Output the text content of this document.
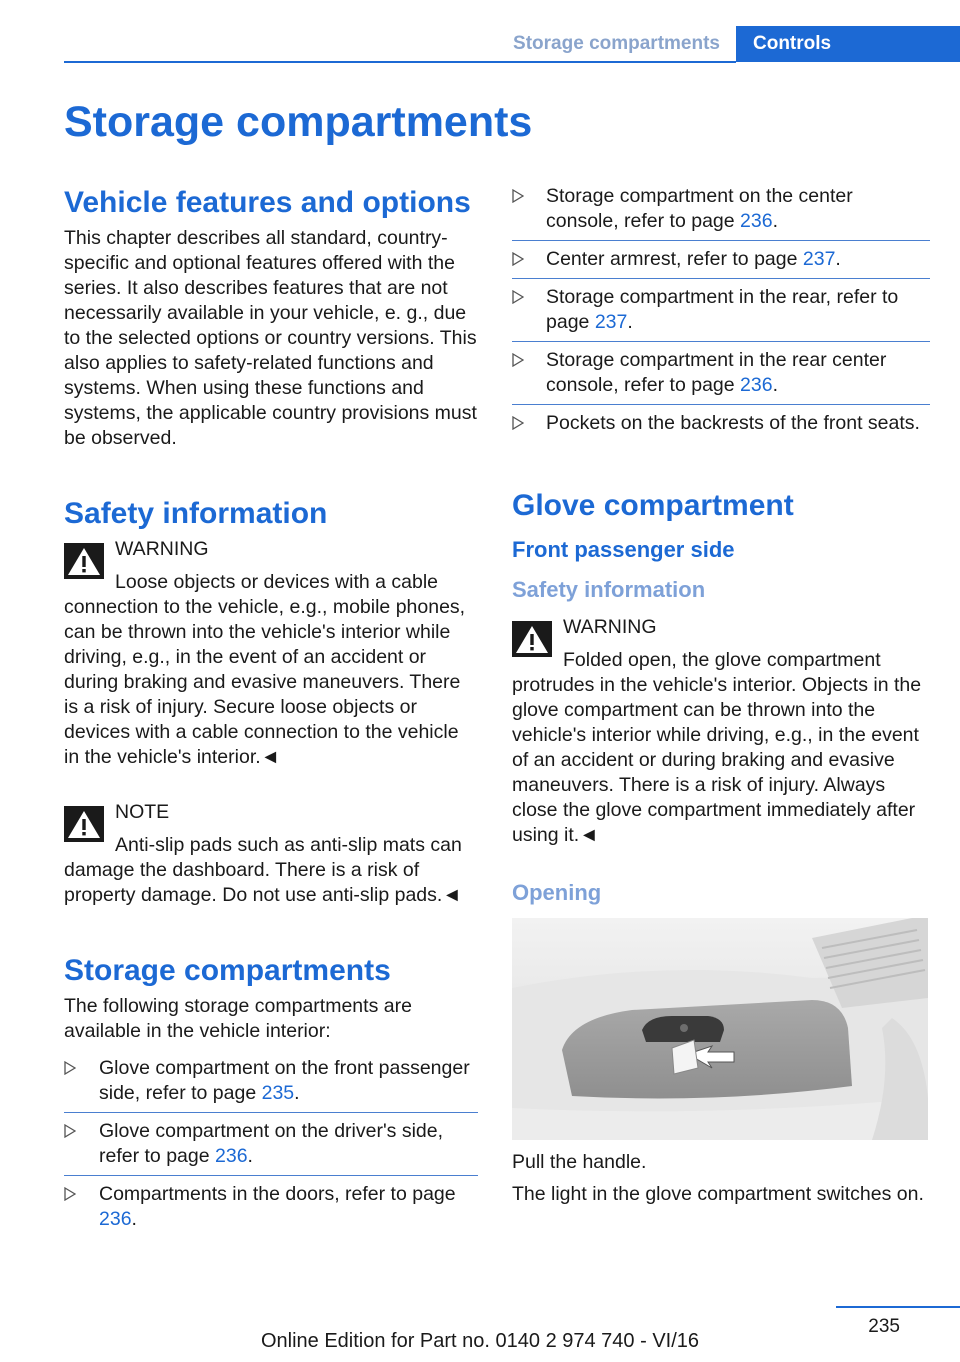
Storage compartments	Controls
Storage compartments
Vehicle features and options

This chapter describes all standard, country-specific and optional features offered with the series. It also describes features that are not necessarily available in your vehicle, e. g., due to the selected options or country versions. This also applies to safety-related functions and systems. When using these functions and systems, the applicable country provisions must be observed.

Safety information

WARNING

Loose objects or devices with a cable

connection to the vehicle, e.g., mobile phones, can be thrown into the vehicle's interior while driving, e.g., in the event of an accident or during braking and evasive maneuvers. There is a risk of injury. Secure loose objects or devices with a cable connection to the vehicle in the vehicle's interior.◄

NOTE

Anti-slip pads such as anti-slip mats can

damage the dashboard. There is a risk of property damage. Do not use anti-slip pads.◄

Storage compartments

The following storage compartments are available in the vehicle interior:

Glove compartment on the front passenger side, refer to page 235.
Glove compartment on the driver's side, refer to page 236.
Compartments in the doors, refer to page 236.
Storage compartment on the center console, refer to page 236.
Center armrest, refer to page 237.
Storage compartment in the rear, refer to page 237.
Storage compartment in the rear center console, refer to page 236.
Pockets on the backrests of the front seats.
Glove compartment
Front passenger side
Safety information

WARNING

Folded open, the glove compartment

protrudes in the vehicle's interior. Objects in the glove compartment can be thrown into the vehicle's interior while driving, e.g., in the event of an accident or during braking and evasive maneuvers. There is a risk of injury. Always close the glove compartment immediately after using it.◄

Opening

Pull the handle.

The light in the glove compartment switches on.

235
Online Edition for Part no. 0140 2 974 740 - VI/16
